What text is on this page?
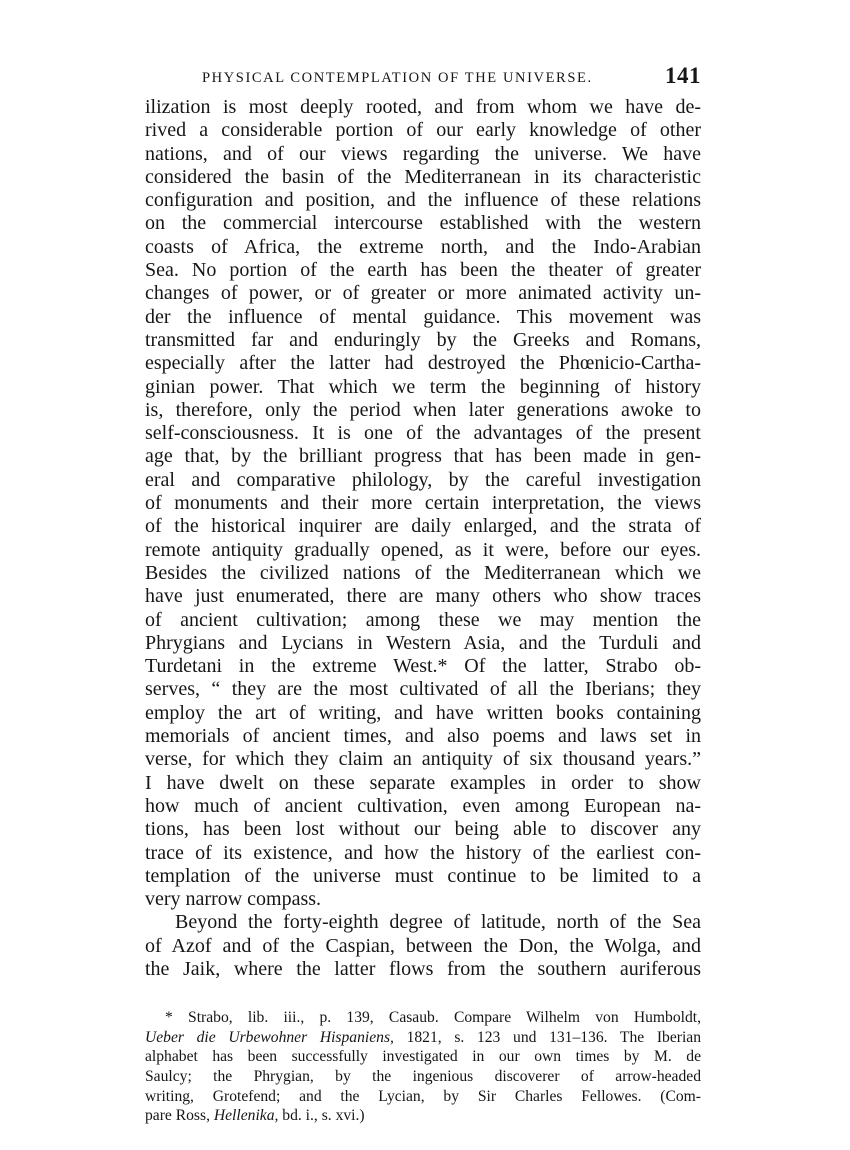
PHYSICAL CONTEMPLATION OF THE UNIVERSE.	141
ilization is most deeply rooted, and from whom we have de-
rived a considerable portion of our early knowledge of other
nations, and of our views regarding the universe. We have
considered the basin of the Mediterranean in its characteristic
configuration and position, and the influence of these relations
on the commercial intercourse established with the western
coasts of Africa, the extreme north, and the Indo-Arabian
Sea. No portion of the earth has been the theater of greater
changes of power, or of greater or more animated activity un-
der the influence of mental guidance. This movement was
transmitted far and enduringly by the Greeks and Romans,
especially after the latter had destroyed the Phœnicio-Cartha-
ginian power. That which we term the beginning of history
is, therefore, only the period when later generations awoke to
self-consciousness. It is one of the advantages of the present
age that, by the brilliant progress that has been made in gen-
eral and comparative philology, by the careful investigation
of monuments and their more certain interpretation, the views
of the historical inquirer are daily enlarged, and the strata of
remote antiquity gradually opened, as it were, before our eyes.
Besides the civilized nations of the Mediterranean which we
have just enumerated, there are many others who show traces
of ancient cultivation; among these we may mention the
Phrygians and Lycians in Western Asia, and the Turduli and
Turdetani in the extreme West.* Of the latter, Strabo ob-
serves, “ they are the most cultivated of all the Iberians; they
employ the art of writing, and have written books containing
memorials of ancient times, and also poems and laws set in
verse, for which they claim an antiquity of six thousand years.”
I have dwelt on these separate examples in order to show
how much of ancient cultivation, even among European na-
tions, has been lost without our being able to discover any
trace of its existence, and how the history of the earliest con-
templation of the universe must continue to be limited to a
very narrow compass.
Beyond the forty-eighth degree of latitude, north of the Sea
of Azof and of the Caspian, between the Don, the Wolga, and
the Jaik, where the latter flows from the southern auriferous
* Strabo, lib. iii., p. 139, Casaub. Compare Wilhelm von Humboldt,
Ueber die Urbewohner Hispaniens, 1821, s. 123 und 131–136. The Iberian
alphabet has been successfully investigated in our own times by M. de
Saulcy; the Phrygian, by the ingenious discoverer of arrow-headed
writing, Grotefend; and the Lycian, by Sir Charles Fellowes. (Com-
pare Ross, Hellenika, bd. i., s. xvi.)
